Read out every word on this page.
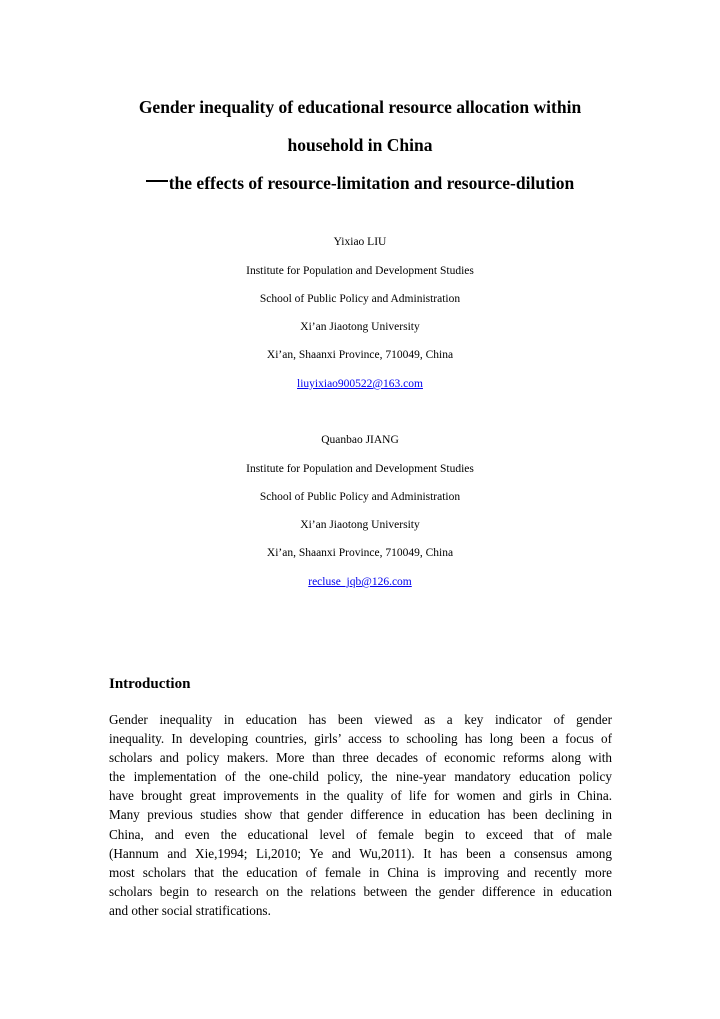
Gender inequality of educational resource allocation within
household in China
the effects of resource-limitation and resource-dilution
Yixiao LIU
Institute for Population and Development Studies
School of Public Policy and Administration
Xi’an Jiaotong University
Xi’an, Shaanxi Province, 710049, China
liuyixiao900522@163.com
Quanbao JIANG
Institute for Population and Development Studies
School of Public Policy and Administration
Xi’an Jiaotong University
Xi’an, Shaanxi Province, 710049, China
recluse_jqb@126.com
Introduction
Gender inequality in education has been viewed as a key indicator of gender
inequality. In developing countries, girls’ access to schooling has long been a focus of
scholars and policy makers. More than three decades of economic reforms along with
the implementation of the one-child policy, the nine-year mandatory education policy
have brought great improvements in the quality of life for women and girls in China.
Many previous studies show that gender difference in education has been declining in
China, and even the educational level of female begin to exceed that of male
(Hannum and Xie,1994; Li,2010; Ye and Wu,2011). It has been a consensus among
most scholars that the education of female in China is improving and recently more
scholars begin to research on the relations between the gender difference in education
and other social stratifications.
